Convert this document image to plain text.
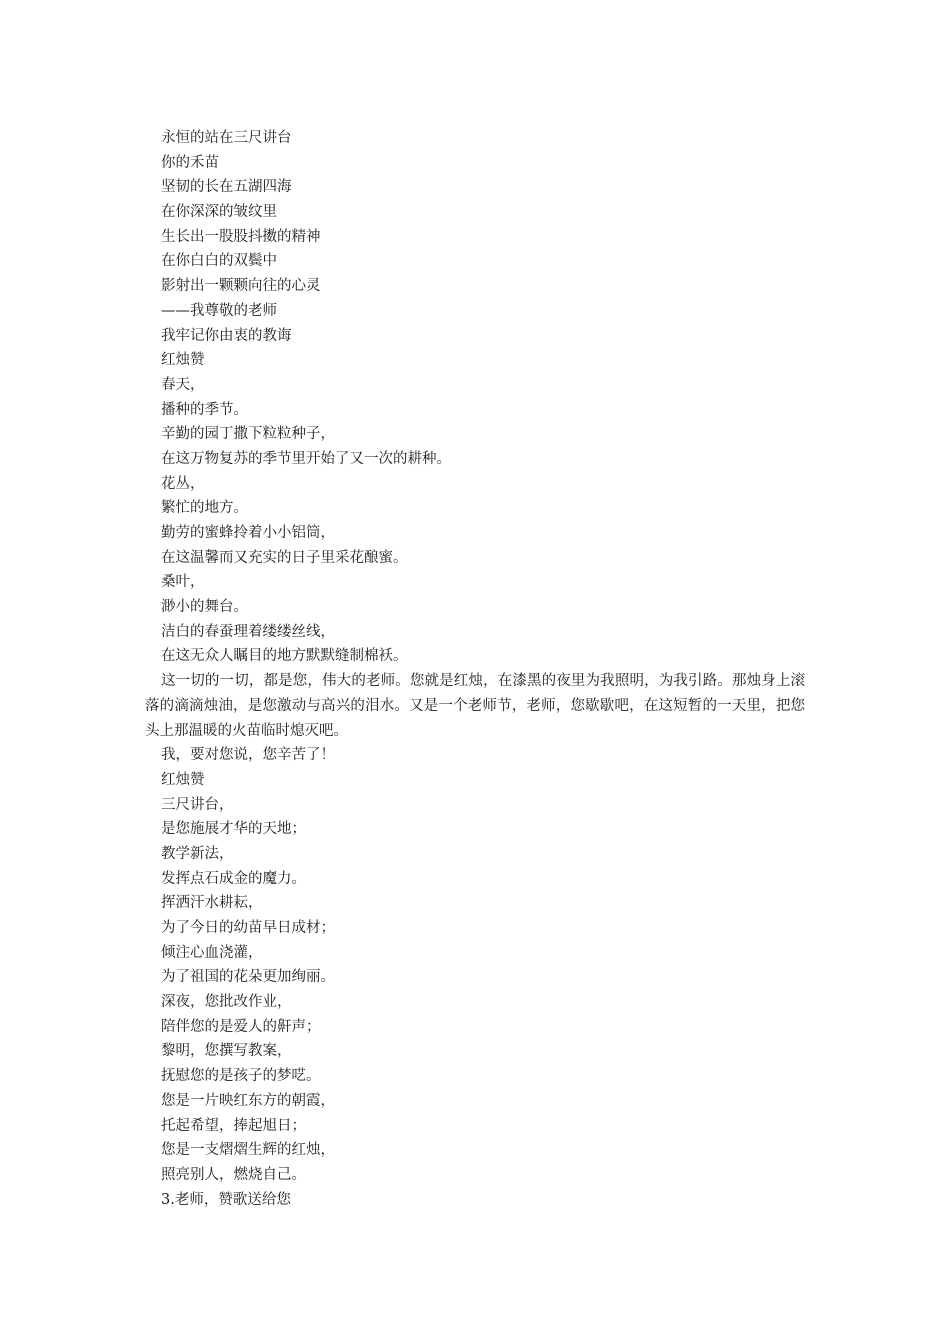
永恒的站在三尺讲台
你的禾苗
坚韧的长在五湖四海
在你深深的皱纹里
生长出一股股抖擞的精神
在你白白的双鬓中
影射出一颗颗向往的心灵
——我尊敬的老师
我牢记你由衷的教诲
红烛赞
春天，
播种的季节。
辛勤的园丁撒下粒粒种子，
在这万物复苏的季节里开始了又一次的耕种。
花丛，
繁忙的地方。
勤劳的蜜蜂拎着小小铝筒，
在这温馨而又充实的日子里采花酿蜜。
桑叶，
渺小的舞台。
洁白的春蚕理着缕缕丝线，
在这无众人瞩目的地方默默缝制棉袄。

这一切的一切，都是您，伟大的老师。您就是红烛，在漆黑的夜里为我照明，为我引路。那烛身上滚落的滴滴烛油，是您激动与高兴的泪水。又是一个老师节，老师，您歇歇吧，在这短暂的一天里，把您头上那温暖的火苗临时熄灭吧。

我，要对您说，您辛苦了！
红烛赞
三尺讲台，
是您施展才华的天地；
教学新法，
发挥点石成金的魔力。
挥洒汗水耕耘，
为了今日的幼苗早日成材；
倾注心血浇灌，
为了祖国的花朵更加绚丽。
深夜，您批改作业，
陪伴您的是爱人的鼾声；
黎明，您撰写教案，
抚慰您的是孩子的梦呓。
您是一片映红东方的朝霞，
托起希望，捧起旭日；
您是一支熠熠生辉的红烛，
照亮别人，燃烧自己。
3.老师，赞歌送给您
